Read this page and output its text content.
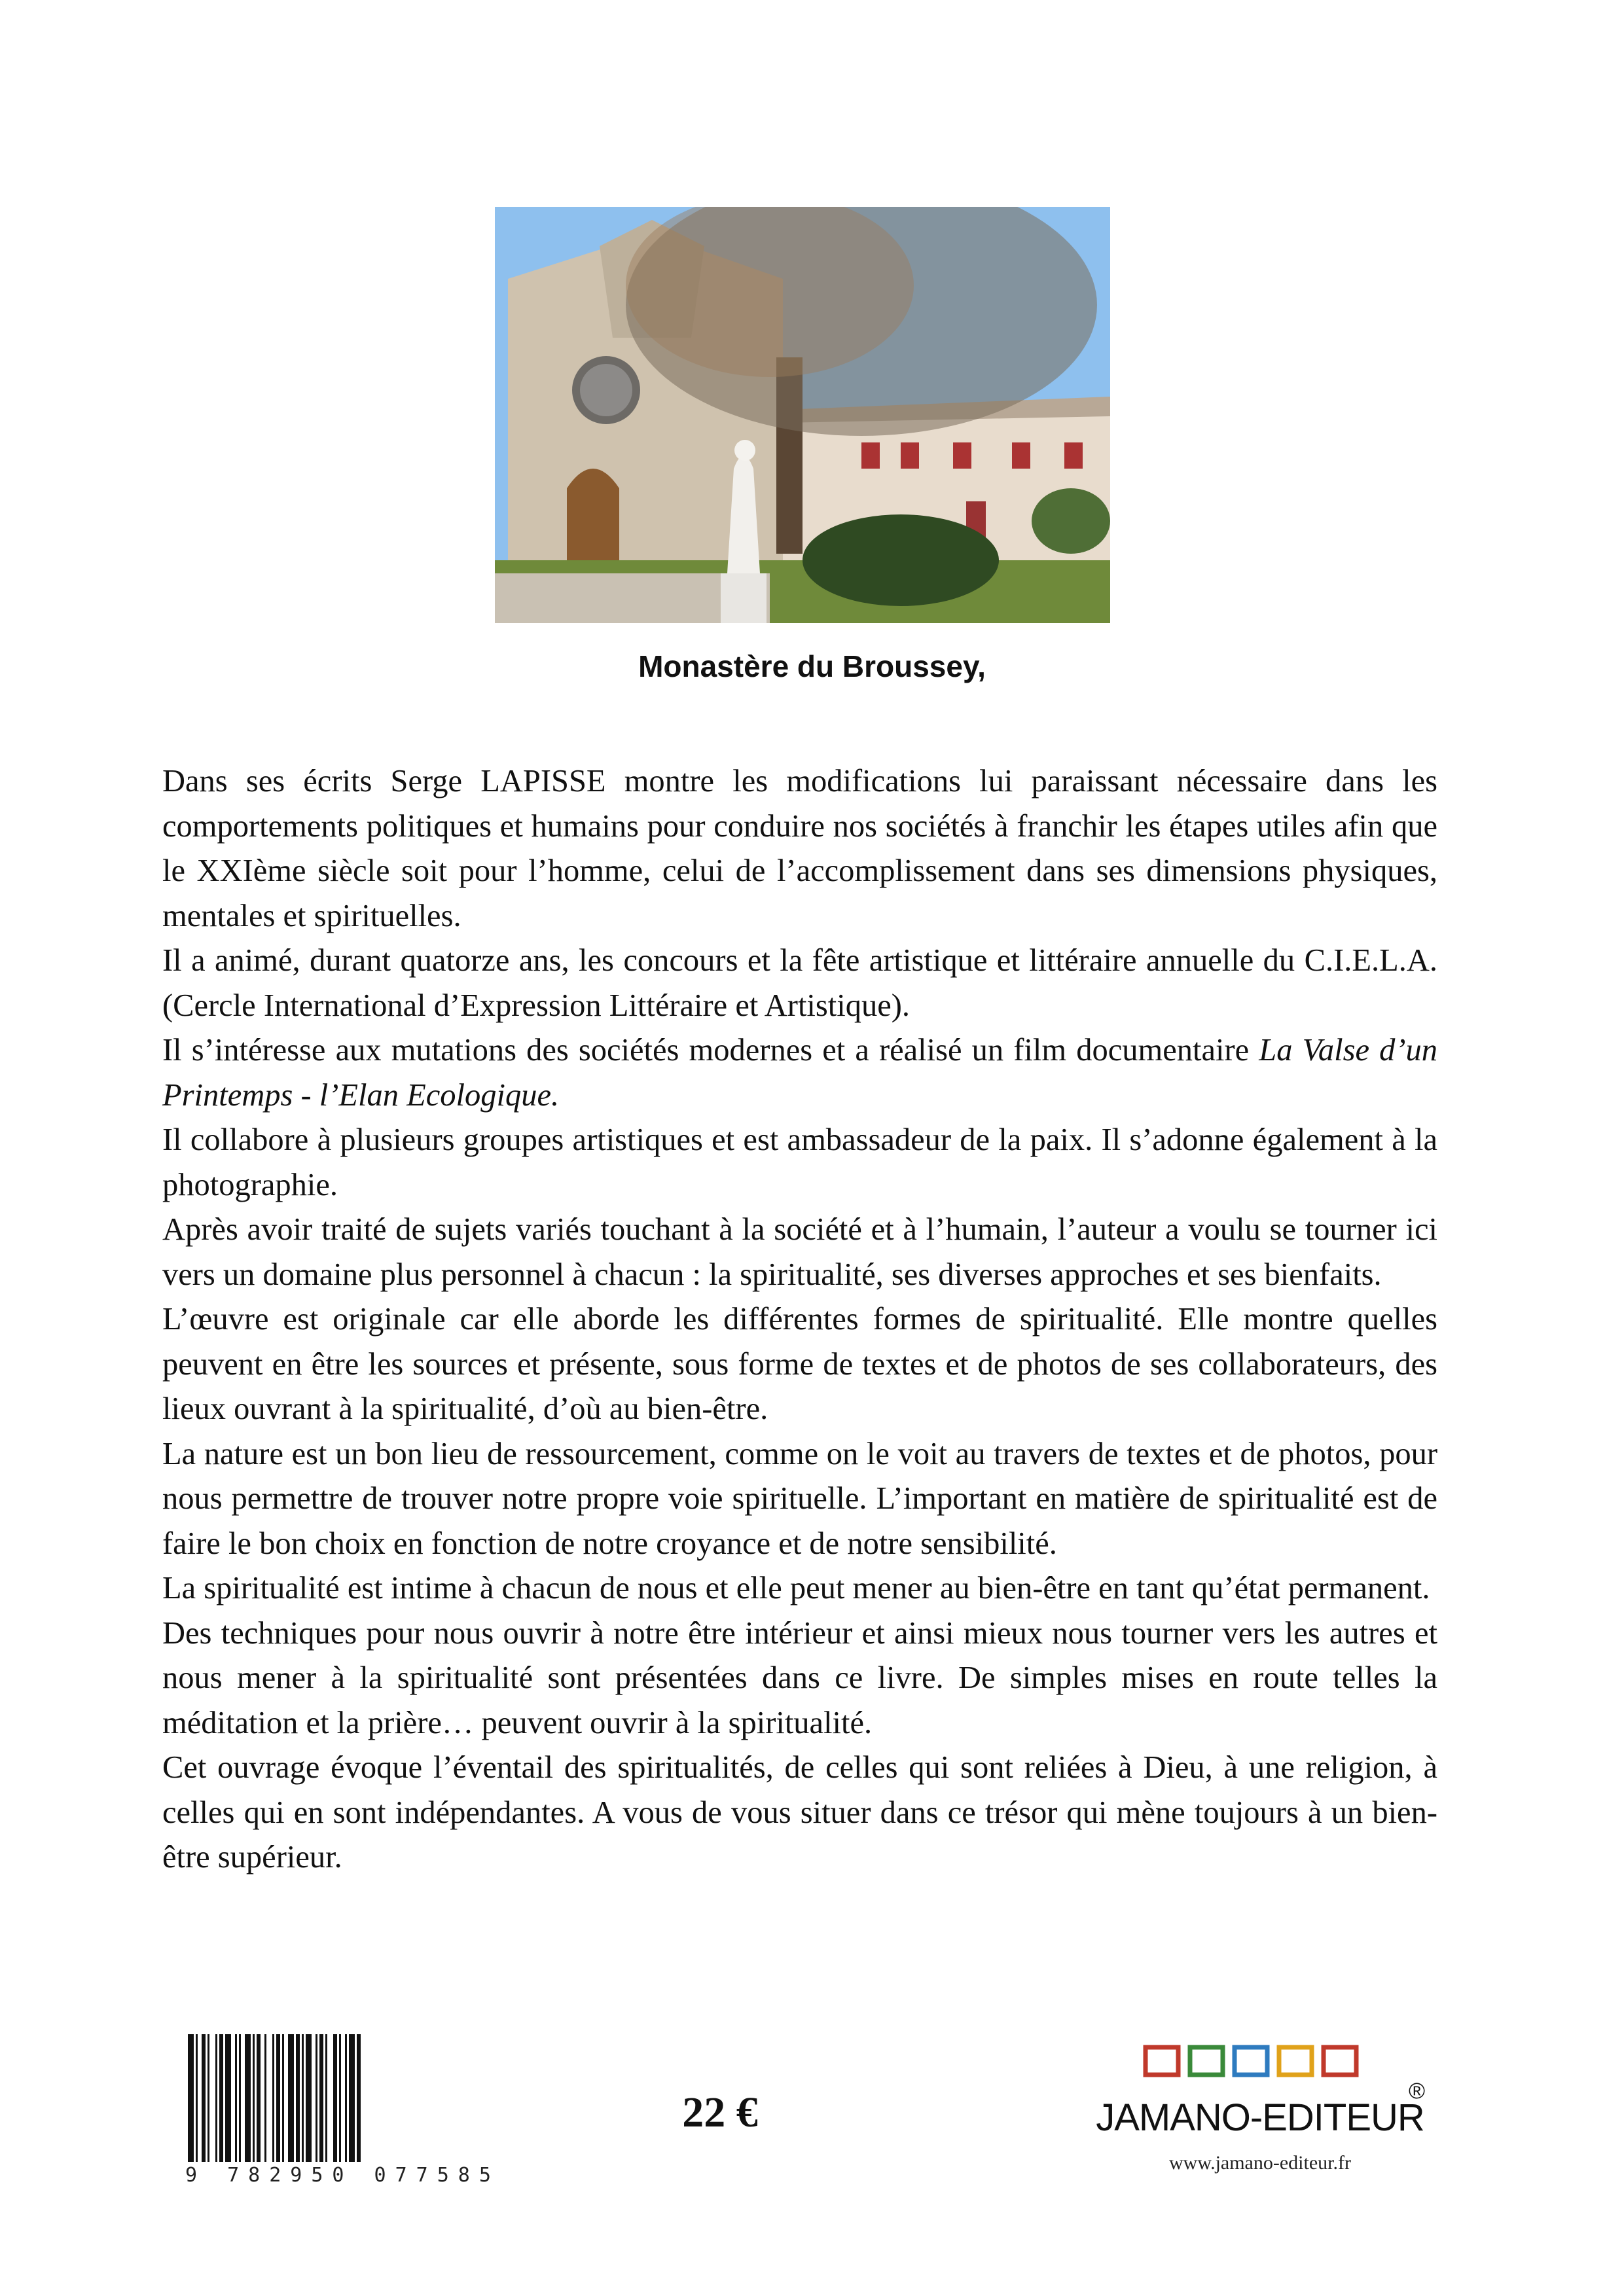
Monastère du Broussey,

Dans ses écrits Serge LAPISSE montre les modifications lui paraissant nécessaire dans les comportements politiques et humains pour conduire nos sociétés à franchir les étapes utiles afin que le XXIème siècle soit pour l’homme, celui de l’accomplissement dans ses dimensions physiques, mentales et spirituelles.

Il a animé, durant quatorze ans, les concours et la fête artistique et littéraire annuelle du C.I.E.L.A. (Cercle International d’Expression Littéraire et Artistique).

Il s’intéresse aux mutations des sociétés modernes et a réalisé un film documentaire La Valse d’un Printemps - l’Elan Ecologique.

Il collabore à plusieurs groupes artistiques et est ambassadeur de la paix. Il s’adonne également à la photographie.

Après avoir traité de sujets variés touchant à la société et à l’humain, l’auteur a voulu se tourner ici vers un domaine plus personnel à chacun : la spiritualité, ses diverses approches et ses bienfaits.

L’œuvre est originale car elle aborde les différentes formes de spiritualité. Elle montre quelles peuvent en être les sources et présente, sous forme de textes et de photos de ses collaborateurs, des lieux ouvrant à la spiritualité, d’où au bien-être.

La nature est un bon lieu de ressourcement, comme on le voit au travers de textes et de photos, pour nous permettre de trouver notre propre voie spirituelle. L’important en matière de spiritualité est de faire le bon choix en fonction de notre croyance et de notre sensibilité.

La spiritualité est intime à chacun de nous et elle peut mener au bien-être en tant qu’état permanent.

Des techniques pour nous ouvrir à notre être intérieur et ainsi mieux nous tourner vers les autres et nous mener à la spiritualité sont présentées dans ce livre. De simples mises en route telles la méditation et la prière… peuvent ouvrir à la spiritualité.

Cet ouvrage évoque l’éventail des spiritualités, de celles qui sont reliées à Dieu, à une religion, à celles qui en sont indépendantes. A vous de vous situer dans ce trésor qui mène toujours à un bien-être supérieur.

9 782950 077585
22 €	JAMANO-EDITEUR
®
www.jamano-editeur.fr
